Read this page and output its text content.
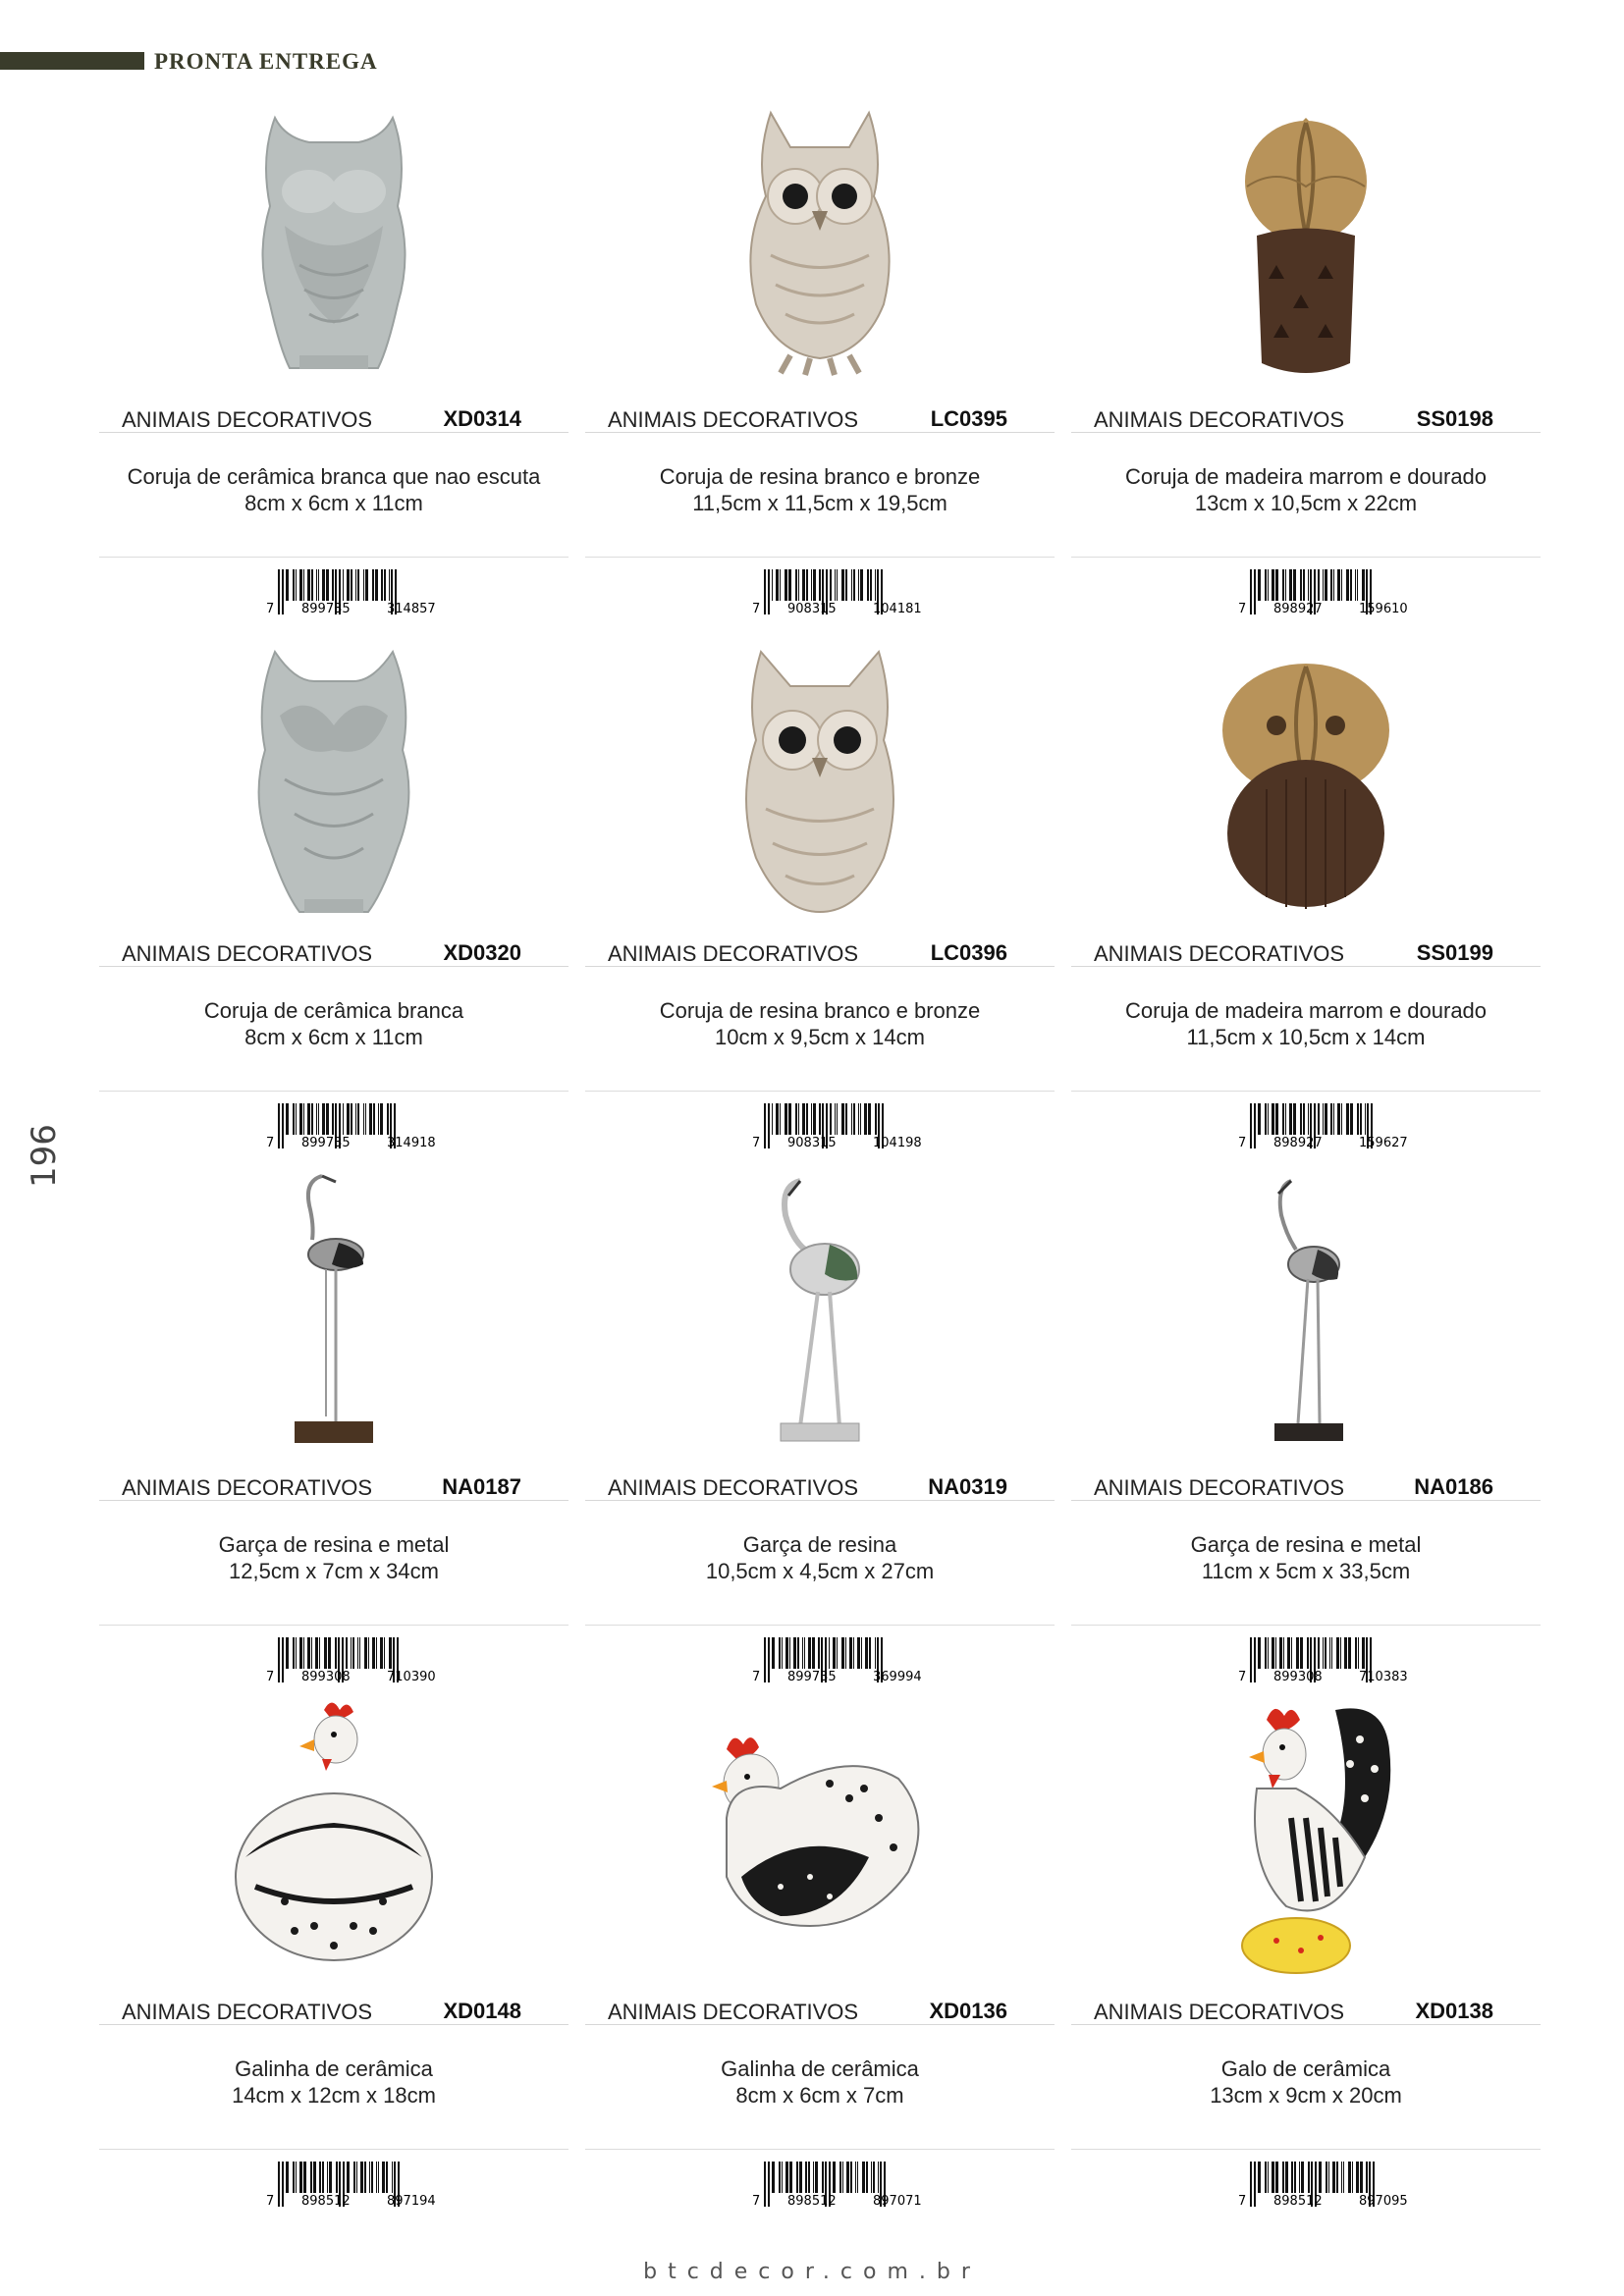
PRONTA ENTREGA
196
ANIMAIS DECORATIVOS	XD0314
Coruja de cerâmica branca que nao escuta
8cm x 6cm x 11cm
7 899735	314857
ANIMAIS DECORATIVOS	LC0395
Coruja de resina branco e bronze
11,5cm x 11,5cm x 19,5cm
7 908315	104181
ANIMAIS DECORATIVOS	SS0198
Coruja de madeira marrom e dourado
13cm x 10,5cm x 22cm
7 898927	159610
ANIMAIS DECORATIVOS	XD0320
Coruja de cerâmica branca
8cm x 6cm x 11cm
7 899735	314918
ANIMAIS DECORATIVOS	LC0396
Coruja de resina branco e bronze
10cm x 9,5cm x 14cm
7 908315	104198
ANIMAIS DECORATIVOS	SS0199
Coruja de madeira marrom e dourado
11,5cm x 10,5cm x 14cm
7 898927	159627
ANIMAIS DECORATIVOS	NA0187
Garça de resina e metal
12,5cm x 7cm x 34cm
7 899308	710390
ANIMAIS DECORATIVOS	NA0319
Garça de resina
10,5cm x 4,5cm x 27cm
7 899735	369994
ANIMAIS DECORATIVOS	NA0186
Garça de resina e metal
11cm x 5cm x 33,5cm
7 899308	710383
ANIMAIS DECORATIVOS	XD0148
Galinha de cerâmica
14cm x 12cm x 18cm
7 898512	897194
ANIMAIS DECORATIVOS	XD0136
Galinha de cerâmica
8cm x 6cm x 7cm
7 898512	897071
ANIMAIS DECORATIVOS	XD0138
Galo de cerâmica
13cm x 9cm x 20cm
7 898512	897095
btcdecor.com.br
